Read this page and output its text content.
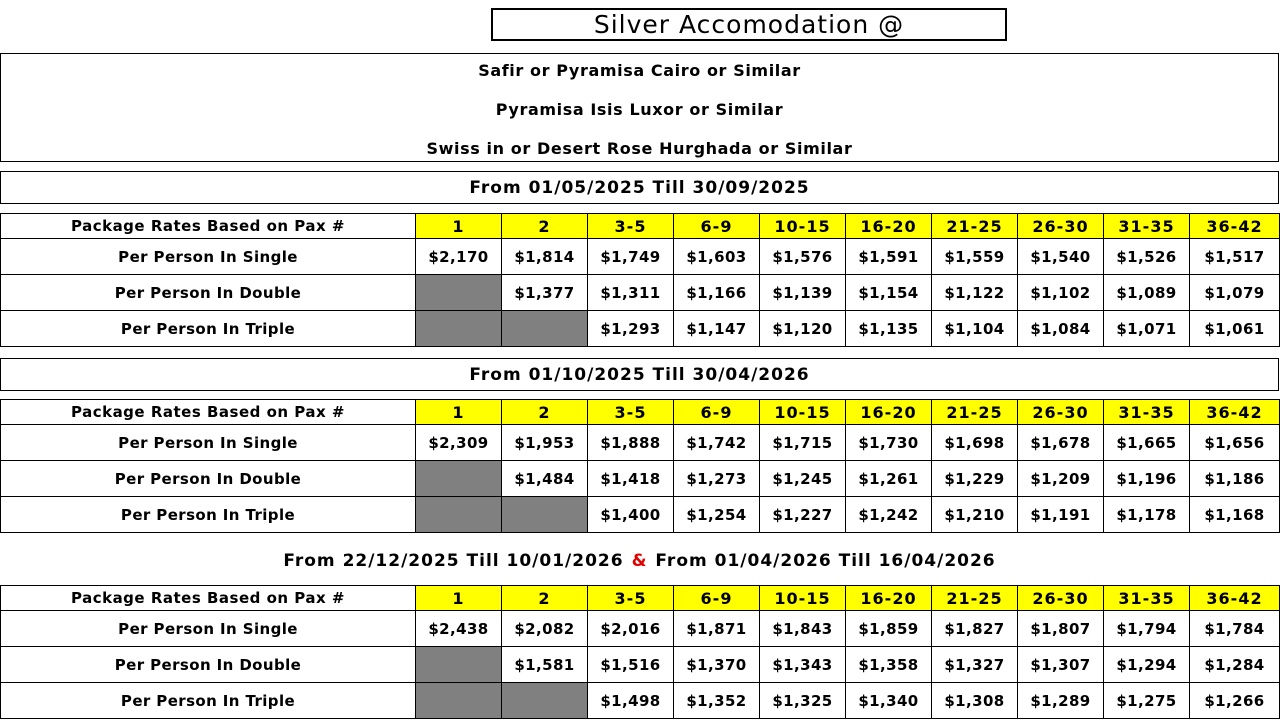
Silver Accomodation @
Safir or Pyramisa Cairo or Similar
Pyramisa Isis Luxor or Similar
Swiss in or Desert Rose Hurghada or Similar
From 01/05/2025 Till 30/09/2025
Package Rates Based on Pax #	1	2	3-5	6-9	10-15	16-20	21-25	26-30	31-35	36-42
Per Person In Single	$2,170	$1,814	$1,749	$1,603	$1,576	$1,591	$1,559	$1,540	$1,526	$1,517
Per Person In Double		$1,377	$1,311	$1,166	$1,139	$1,154	$1,122	$1,102	$1,089	$1,079
Per Person In Triple			$1,293	$1,147	$1,120	$1,135	$1,104	$1,084	$1,071	$1,061
From 01/10/2025 Till 30/04/2026
Package Rates Based on Pax #	1	2	3-5	6-9	10-15	16-20	21-25	26-30	31-35	36-42
Per Person In Single	$2,309	$1,953	$1,888	$1,742	$1,715	$1,730	$1,698	$1,678	$1,665	$1,656
Per Person In Double		$1,484	$1,418	$1,273	$1,245	$1,261	$1,229	$1,209	$1,196	$1,186
Per Person In Triple			$1,400	$1,254	$1,227	$1,242	$1,210	$1,191	$1,178	$1,168
From 22/12/2025 Till 10/01/2026 & From 01/04/2026 Till 16/04/2026
Package Rates Based on Pax #	1	2	3-5	6-9	10-15	16-20	21-25	26-30	31-35	36-42
Per Person In Single	$2,438	$2,082	$2,016	$1,871	$1,843	$1,859	$1,827	$1,807	$1,794	$1,784
Per Person In Double		$1,581	$1,516	$1,370	$1,343	$1,358	$1,327	$1,307	$1,294	$1,284
Per Person In Triple			$1,498	$1,352	$1,325	$1,340	$1,308	$1,289	$1,275	$1,266
